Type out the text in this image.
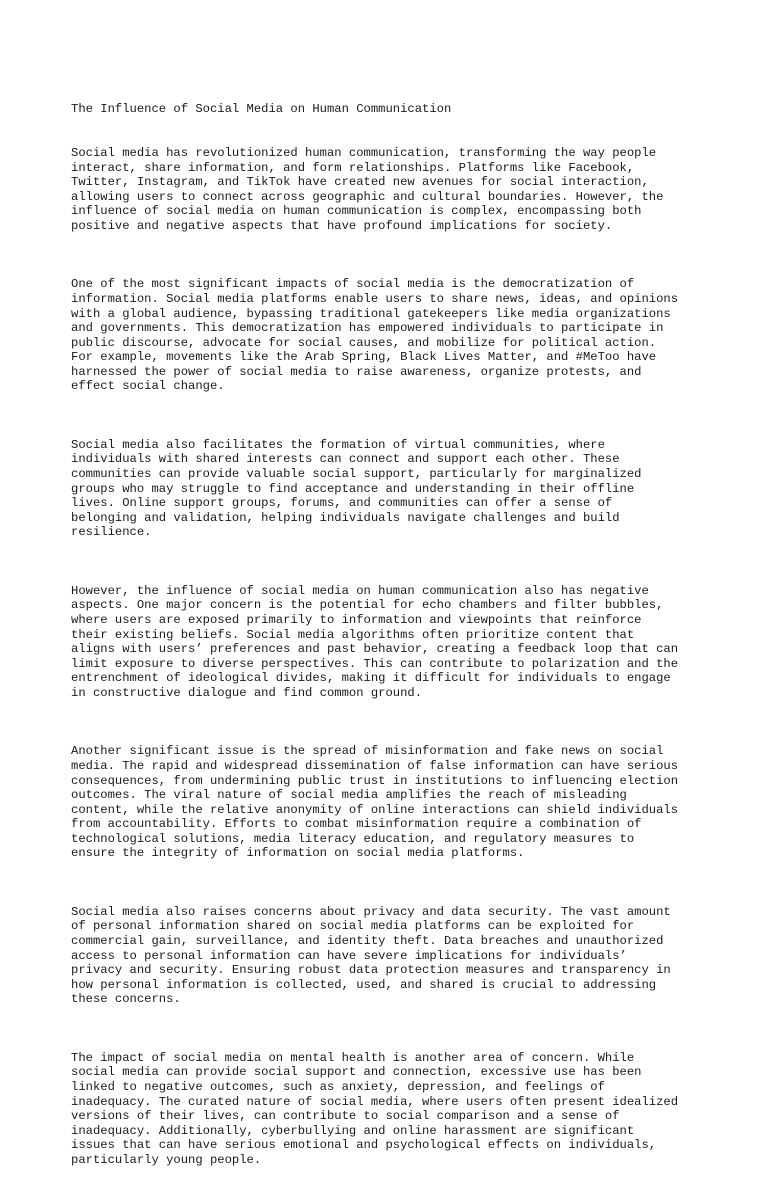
The Influence of Social Media on Human Communication

Social media has revolutionized human communication, transforming the way people
interact, share information, and form relationships. Platforms like Facebook,
Twitter, Instagram, and TikTok have created new avenues for social interaction,
allowing users to connect across geographic and cultural boundaries. However, the
influence of social media on human communication is complex, encompassing both
positive and negative aspects that have profound implications for society.

One of the most significant impacts of social media is the democratization of
information. Social media platforms enable users to share news, ideas, and opinions
with a global audience, bypassing traditional gatekeepers like media organizations
and governments. This democratization has empowered individuals to participate in
public discourse, advocate for social causes, and mobilize for political action.
For example, movements like the Arab Spring, Black Lives Matter, and #MeToo have
harnessed the power of social media to raise awareness, organize protests, and
effect social change.

Social media also facilitates the formation of virtual communities, where
individuals with shared interests can connect and support each other. These
communities can provide valuable social support, particularly for marginalized
groups who may struggle to find acceptance and understanding in their offline
lives. Online support groups, forums, and communities can offer a sense of
belonging and validation, helping individuals navigate challenges and build
resilience.

However, the influence of social media on human communication also has negative
aspects. One major concern is the potential for echo chambers and filter bubbles,
where users are exposed primarily to information and viewpoints that reinforce
their existing beliefs. Social media algorithms often prioritize content that
aligns with users’ preferences and past behavior, creating a feedback loop that can
limit exposure to diverse perspectives. This can contribute to polarization and the
entrenchment of ideological divides, making it difficult for individuals to engage
in constructive dialogue and find common ground.

Another significant issue is the spread of misinformation and fake news on social
media. The rapid and widespread dissemination of false information can have serious
consequences, from undermining public trust in institutions to influencing election
outcomes. The viral nature of social media amplifies the reach of misleading
content, while the relative anonymity of online interactions can shield individuals
from accountability. Efforts to combat misinformation require a combination of
technological solutions, media literacy education, and regulatory measures to
ensure the integrity of information on social media platforms.

Social media also raises concerns about privacy and data security. The vast amount
of personal information shared on social media platforms can be exploited for
commercial gain, surveillance, and identity theft. Data breaches and unauthorized
access to personal information can have severe implications for individuals’
privacy and security. Ensuring robust data protection measures and transparency in
how personal information is collected, used, and shared is crucial to addressing
these concerns.

The impact of social media on mental health is another area of concern. While
social media can provide social support and connection, excessive use has been
linked to negative outcomes, such as anxiety, depression, and feelings of
inadequacy. The curated nature of social media, where users often present idealized
versions of their lives, can contribute to social comparison and a sense of
inadequacy. Additionally, cyberbullying and online harassment are significant
issues that can have serious emotional and psychological effects on individuals,
particularly young people.
